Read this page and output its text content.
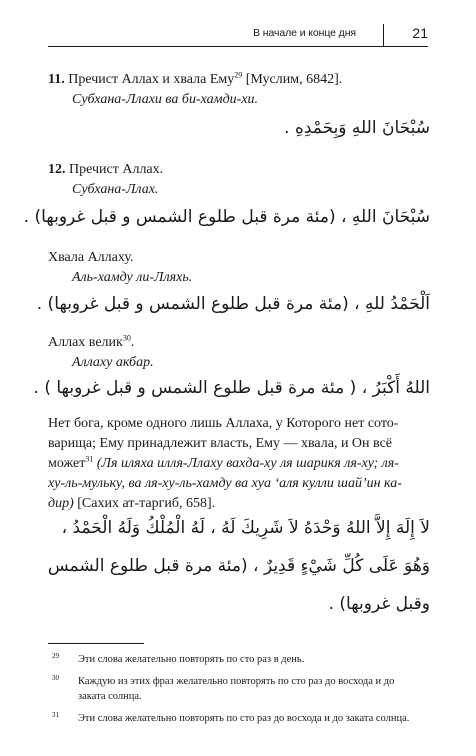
В начале и конце дня	21
11. Пречист Аллах и хвала Ему$^{29}$ [Муслим, 6842].
Субхана-Ллахи ва би-хамди-хи.
سُبْحَانَ اللهِ وَبِحَمْدِهِ .
12. Пречист Аллах.
Субхана-Ллах.
سُبْحَانَ اللهِ ، (مئة مرة قبل طلوع الشمس و قبل غروبها) .
Хвала Аллаху.
Аль-хамду ли-Лляхь.
اَلْحَمْدُ للهِ ، (مئة مرة قبل طلوع الشمس و قبل غروبها) .
Аллах велик$^{30}$.
Аллаху акбар.
اللهُ أَكْبَرُ ، ( مئة مرة قبل طلوع الشمس و قبل غروبها ) .
Нет бога, кроме одного лишь Аллаха, у Которого нет сото-
варища; Ему принадлежит власть, Ему — хвала, и Он всё
может$^{31}$ (Ля иляха илля-Ллаху вахда-ху ля шарикя ля-ху; ля-
ху-ль-мульку, ва ля-ху-ль-хамду ва хуа ‘аля кулли шай’ин ка-
дир) [Сахих ат-таргиб, 658].
لاَ إِلَهَ إِلاَّ اللهُ وَحْدَهُ لاَ شَرِيكَ لَهُ ، لَهُ الْمُلْكُ وَلَهُ الْحَمْدُ ،
وَهُوَ عَلَى كُلِّ شَيْءٍ قَدِيرٌ ، (مئة مرة قبل طلوع الشمس
وقبل غروبها) .
29 Эти слова желательно повторять по сто раз в день.
30 Каждую из этих фраз желательно повторять по сто раз до восхода и до
заката солнца.
31 Эти слова желательно повторять по сто раз до восхода и до заката солнца.
